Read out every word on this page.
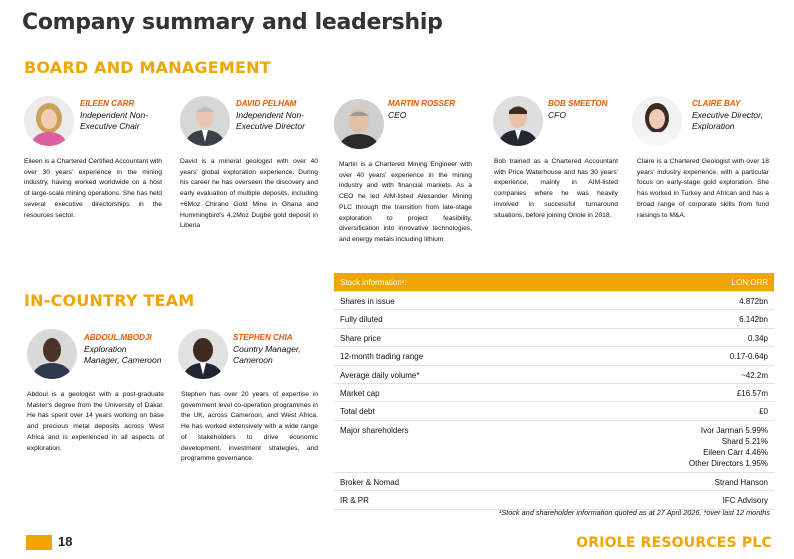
Company summary and leadership
BOARD AND MANAGEMENT
EILEEN CARR
Independent Non-Executive Chair
Eileen is a Chartered Certified Accountant with over 30 years' experience in the mining industry, having worked worldwide on a host of large-scale mining operations. She has held several executive directorships in the resources sector.
DAVID PELHAM
Independent Non-Executive Director
David is a mineral geologist with over 40 years' global exploration experience. During his career he has overseen the discovery and early evaluation of multiple deposits, including +6Moz Chirano Gold Mine in Ghana and Hummingbird's 4.2Moz Dugbe gold deposit in Liberia
MARTIN ROSSER
CEO
Martin is a Chartered Mining Engineer with over 40 years' experience in the mining industry and with financial markets. As a CEO he led AIM-listed Alexander Mining PLC through the transition from late-stage exploration to project feasibility, diversification into innovative technologies, and energy metals including lithium
BOB SMEETON
CFO
Bob trained as a Chartered Accountant with Price Waterhouse and has 30 years' experience, mainly in AIM-listed companies where he was heavily involved in successful turnaround situations, before joining Oriole in 2018.
CLAIRE BAY
Executive Director, Exploration
Claire is a Chartered Geologist with over 18 years' industry experience, with a particular focus on early-stage gold exploration. She has worked in Turkey and African and has a broad range of corporate skills from fund raisings to M&A.
IN-COUNTRY TEAM
ABDOUL.MBODJI
Exploration Manager, Cameroon
Abdoul is a geologist with a post-graduate Master's degree from the University of Dakar. He has spent over 14 years working on base and precious metal deposits across West Africa and is experienced in all aspects of exploration.
STEPHEN CHIA
Country Manager, Cameroon
Stephen has over 20 years of expertise in government level co-operation programmes in the UK, across Cameroon, and West Africa. He has worked extensively with a wide range of stakeholders to drive economic development, investment strategies, and programme governance.
Stock information¹:	LON:ORR
Shares in issue	4.872bn
Fully diluted	6.142bn
Share price	0.34p
12-month trading range	0.17-0.64p
Average daily volume*	~42.2m
Market cap	£16.57m
Total debt	£0
Major shareholders	Ivor Jarman 5.99%
Shard 5.21%
Eileen Carr 4.46%
Other Directors 1.95%
Broker & Nomad	Strand Hanson
IR & PR	IFC Advisory
¹Stock and shareholder information quoted as at 27 April 2026, *over last 12 months
18	ORIOLE RESOURCES PLC
